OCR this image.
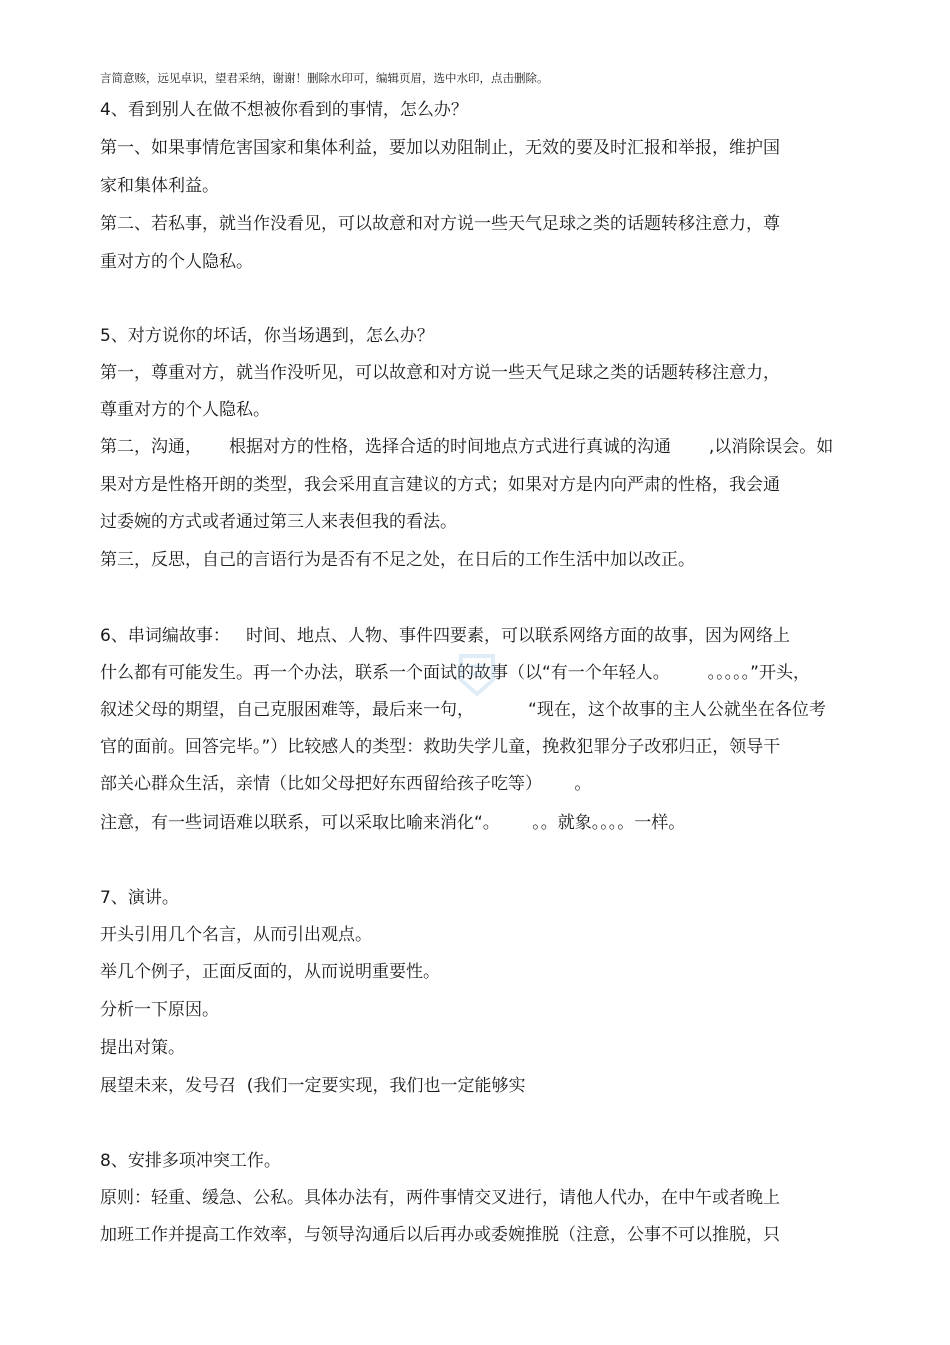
言简意赅，远见卓识，望君采纳，谢谢！删除水印可，编辑页眉，选中水印，点击删除。

4、看到别人在做不想被你看到的事情，怎么办？

第一、如果事情危害国家和集体利益，要加以劝阻制止，无效的要及时汇报和举报，维护国

家和集体利益。

第二、若私事，就当作没看见，可以故意和对方说一些天气足球之类的话题转移注意力，尊

重对方的个人隐私。

5、对方说你的坏话，你当场遇到，怎么办？

第一，尊重对方，就当作没听见，可以故意和对方说一些天气足球之类的话题转移注意力，

尊重对方的个人隐私。

第二，沟通，     根据对方的性格，选择合适的时间地点方式进行真诚的沟通       ,以消除误会。如

果对方是性格开朗的类型，我会采用直言建议的方式；如果对方是内向严肃的性格，我会通

过委婉的方式或者通过第三人来表但我的看法。

第三，反思，自己的言语行为是否有不足之处，在日后的工作生活中加以改正。

6、串词编故事：   时间、地点、人物、事件四要素，可以联系网络方面的故事，因为网络上

什么都有可能发生。再一个办法，联系一个面试的故事（以“有一个年轻人。       。。。。。”开头，

叙述父母的期望，自己克服困难等，最后来一句，          “现在，这个故事的主人公就坐在各位考

官的面前。回答完毕。”）比较感人的类型：救助失学儿童，挽救犯罪分子改邪归正，领导干

部关心群众生活，亲情（比如父母把好东西留给孩子吃等）      。

注意，有一些词语难以联系，可以采取比喻来消化“。      。。就象。。。。一样。

7、演讲。

开头引用几个名言，从而引出观点。

举几个例子，正面反面的，从而说明重要性。

分析一下原因。

提出对策。

展望未来，发号召  (我们一定要实现，我们也一定能够实

8、安排多项冲突工作。

原则：轻重、缓急、公私。具体办法有，两件事情交叉进行，请他人代办，在中午或者晚上

加班工作并提高工作效率，与领导沟通后以后再办或委婉推脱（注意，公事不可以推脱，只
